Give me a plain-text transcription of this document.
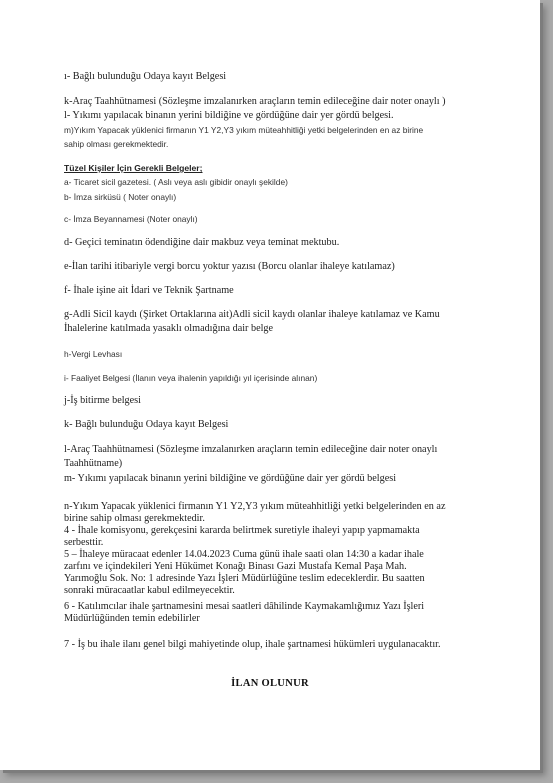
ı- Bağlı bulunduğu Odaya kayıt Belgesi
k-Araç Taahhütnamesi (Sözleşme imzalanırken araçların temin edileceğine dair noter onaylı )
l- Yıkımı yapılacak binanın yerini bildiğine ve gördüğüne dair yer gördü belgesi.
m)Yıkım Yapacak yüklenici firmanın Y1 Y2,Y3 yıkım müteahhitliği yetki belgelerinden en az birine
sahip olması gerekmektedir.
Tüzel Kişiler İçin Gerekli Belgeler;
a- Ticaret sicil gazetesi. ( Aslı veya aslı gibidir onaylı şekilde)
b- İmza sirküsü ( Noter onaylı)
c- İmza Beyannamesi (Noter onaylı)
d- Geçici teminatın ödendiğine dair makbuz veya teminat mektubu.
e-İlan tarihi itibariyle vergi borcu yoktur yazısı (Borcu olanlar ihaleye katılamaz)
f- İhale işine ait İdari ve Teknik Şartname
g-Adli Sicil kaydı (Şirket Ortaklarına ait)Adli sicil kaydı olanlar ihaleye katılamaz ve Kamu
İhalelerine katılmada yasaklı olmadığına dair belge
h-Vergi Levhası
i- Faaliyet Belgesi (İlanın veya ihalenin yapıldığı yıl içerisinde alınan)
j-İş bitirme belgesi
k- Bağlı bulunduğu Odaya kayıt Belgesi
l-Araç Taahhütnamesi (Sözleşme imzalanırken araçların temin edileceğine dair noter onaylı
Taahhütname)
m- Yıkımı yapılacak binanın yerini bildiğine ve gördüğüne dair yer gördü belgesi
n-Yıkım Yapacak yüklenici firmanın Y1 Y2,Y3 yıkım müteahhitliği yetki belgelerinden en az
birine sahip olması gerekmektedir.
4 - İhale komisyonu, gerekçesini kararda belirtmek suretiyle ihaleyi yapıp yapmamakta
serbesttir.
5 – İhaleye müracaat edenler 14.04.2023 Cuma günü ihale saati olan 14:30 a kadar ihale
zarfını ve içindekileri Yeni Hükümet Konağı Binası Gazi Mustafa Kemal Paşa Mah.
Yarımoğlu Sok. No: 1 adresinde Yazı İşleri Müdürlüğüne teslim edeceklerdir. Bu saatten
sonraki müracaatlar kabul edilmeyecektir.
6 - Katılımcılar ihale şartnamesini mesai saatleri dâhilinde Kaymakamlığımız Yazı İşleri
Müdürlüğünden temin edebilirler
7 - İş bu ihale ilanı genel bilgi mahiyetinde olup, ihale şartnamesi hükümleri uygulanacaktır.
İLAN OLUNUR
